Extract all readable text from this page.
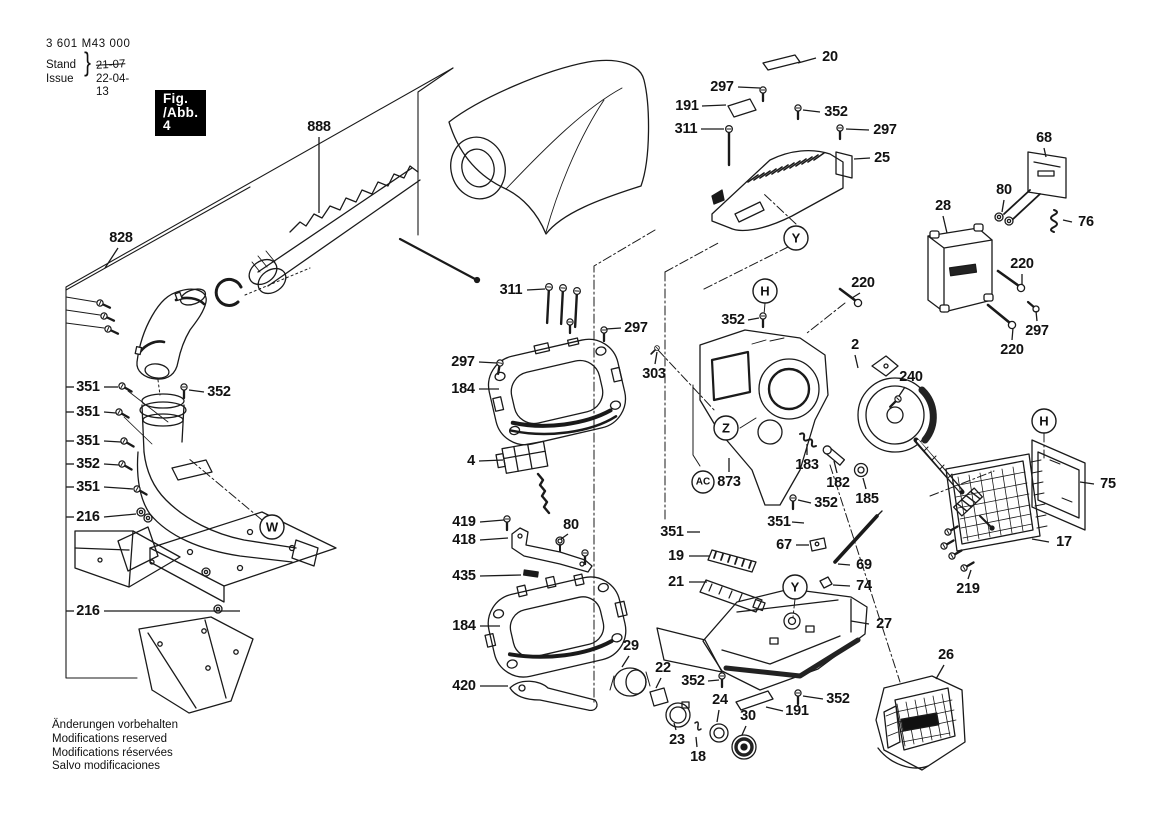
W
Y
Y
H
H
Z
AC
888
828
20
297
191
311
352
297
25
68
80
76
28
220
297
220
351	352
351
351
352
351
216
216
311
297
297
184
4
303
352
220
2
240
873
183
182
185
352
419
418
80
435
184
420
29
22
23
18
24
30 191
352
352
351
19
21
351
67
69
74
27
26
75
17
219
3 601 M43 000
Stand
Issue
} 21-07
22-04-13	Fig. /Abb. 4
Änderungen vorbehalten
Modifications reserved
Modifications réservées
Salvo modificaciones
